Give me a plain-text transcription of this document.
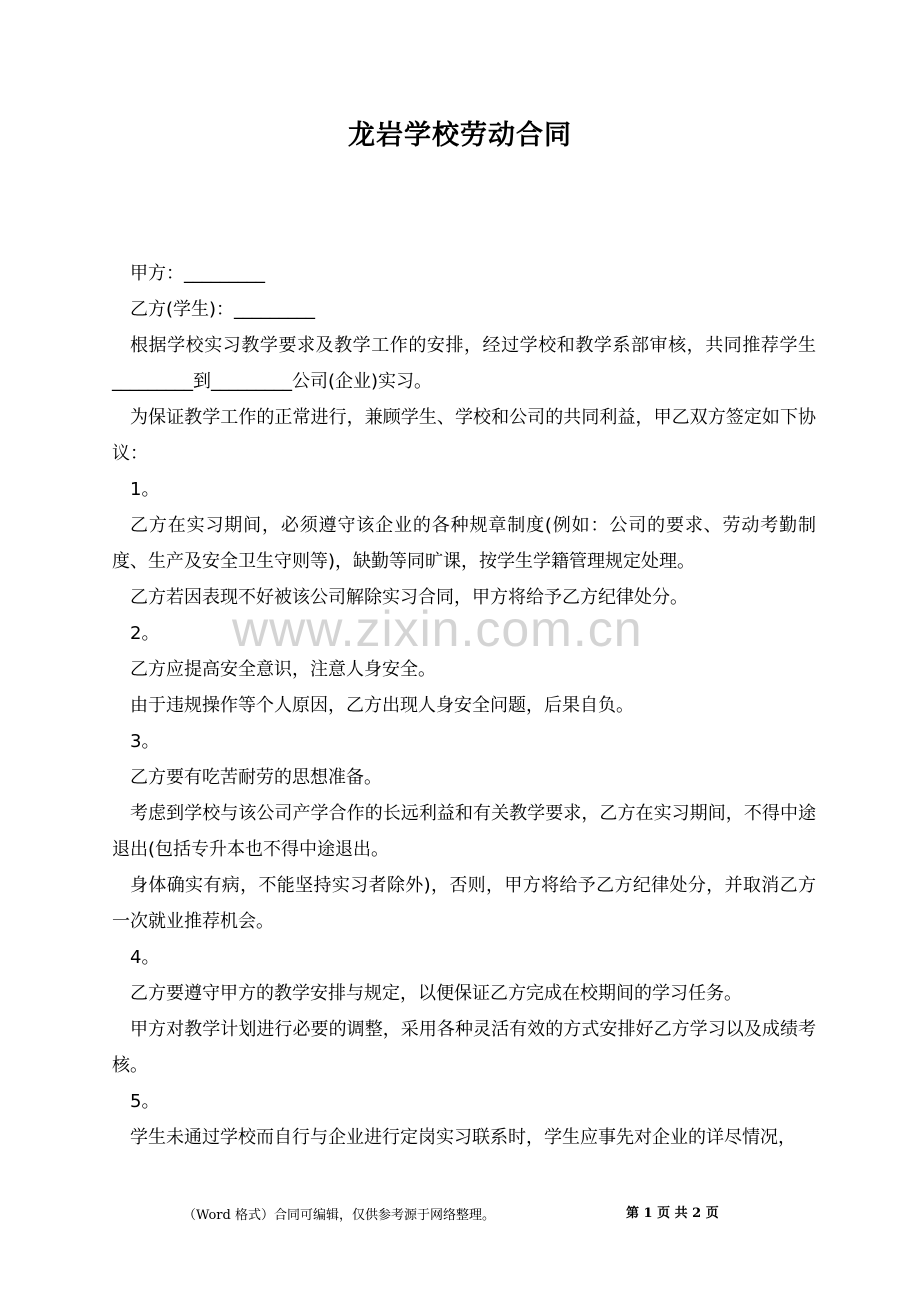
龙岩学校劳动合同

甲方：_________

乙方(学生)：_________

根据学校实习教学要求及教学工作的安排，经过学校和教学系部审核，共同推荐学生_________到_________公司(企业)实习。

为保证教学工作的正常进行，兼顾学生、学校和公司的共同利益，甲乙双方签定如下协议：

1。

乙方在实习期间，必须遵守该企业的各种规章制度(例如：公司的要求、劳动考勤制度、生产及安全卫生守则等)，缺勤等同旷课，按学生学籍管理规定处理。

乙方若因表现不好被该公司解除实习合同，甲方将给予乙方纪律处分。

2。

乙方应提高安全意识，注意人身安全。

由于违规操作等个人原因，乙方出现人身安全问题，后果自负。

3。

乙方要有吃苦耐劳的思想准备。

考虑到学校与该公司产学合作的长远利益和有关教学要求，乙方在实习期间，不得中途退出(包括专升本也不得中途退出。

身体确实有病，不能坚持实习者除外)，否则，甲方将给予乙方纪律处分，并取消乙方一次就业推荐机会。

4。

乙方要遵守甲方的教学安排与规定，以便保证乙方完成在校期间的学习任务。

甲方对教学计划进行必要的调整，采用各种灵活有效的方式安排好乙方学习以及成绩考核。

5。

学生未通过学校而自行与企业进行定岗实习联系时，学生应事先对企业的详尽情况，

www.zixin.com.cn
（Word 格式）合同可编辑，仅供参考源于网络整理。	第 1 页 共 2 页
